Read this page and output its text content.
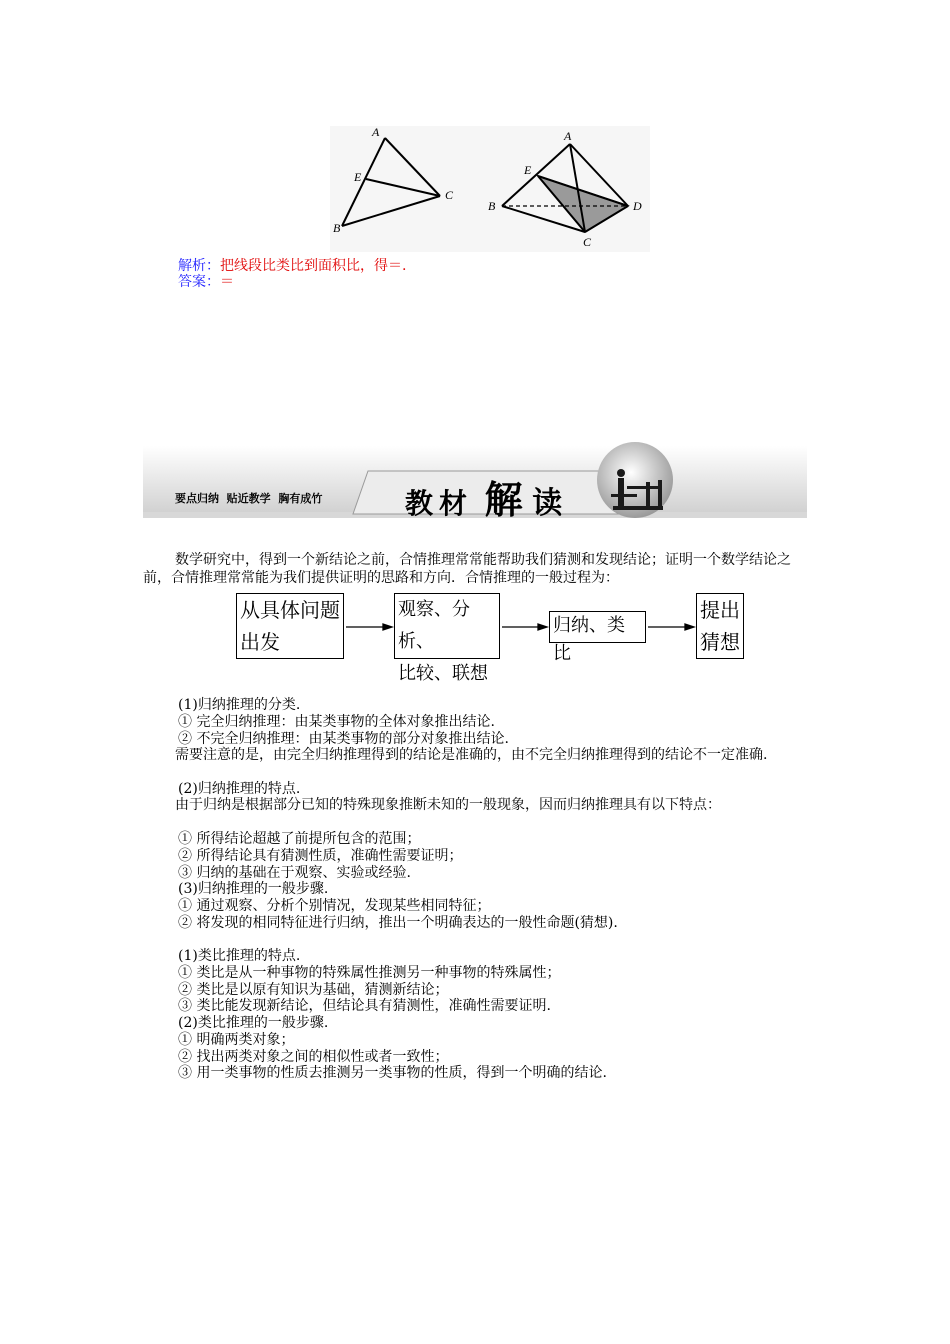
A
E
B
C
A
E
B
C
D
解析：把线段比类比到面积比，得＝.
答案：＝
要点归纳  贴近教学  胸有成竹	教材 解 读
数学研究中，得到一个新结论之前，合情推理常常能帮助我们猜测和发现结论；证明一个数学结论之前，合情推理常常能为我们提供证明的思路和方向．合情推理的一般过程为：
从具体问题
出发
观察、分析、
比较、联想
归纳、类比
提出
猜想
(1)归纳推理的分类.
① 完全归纳推理：由某类事物的全体对象推出结论.
② 不完全归纳推理：由某类事物的部分对象推出结论.
需要注意的是，由完全归纳推理得到的结论是准确的，由不完全归纳推理得到的结论不一定准确.
(2)归纳推理的特点.
由于归纳是根据部分已知的特殊现象推断未知的一般现象，因而归纳推理具有以下特点：
① 所得结论超越了前提所包含的范围；
② 所得结论具有猜测性质，准确性需要证明；
③ 归纳的基础在于观察、实验或经验.
(3)归纳推理的一般步骤.
① 通过观察、分析个别情况，发现某些相同特征；
② 将发现的相同特征进行归纳，推出一个明确表达的一般性命题(猜想).
(1)类比推理的特点.
① 类比是从一种事物的特殊属性推测另一种事物的特殊属性；
② 类比是以原有知识为基础，猜测新结论；
③ 类比能发现新结论，但结论具有猜测性，准确性需要证明.
(2)类比推理的一般步骤.
① 明确两类对象；
② 找出两类对象之间的相似性或者一致性；
③ 用一类事物的性质去推测另一类事物的性质，得到一个明确的结论.
